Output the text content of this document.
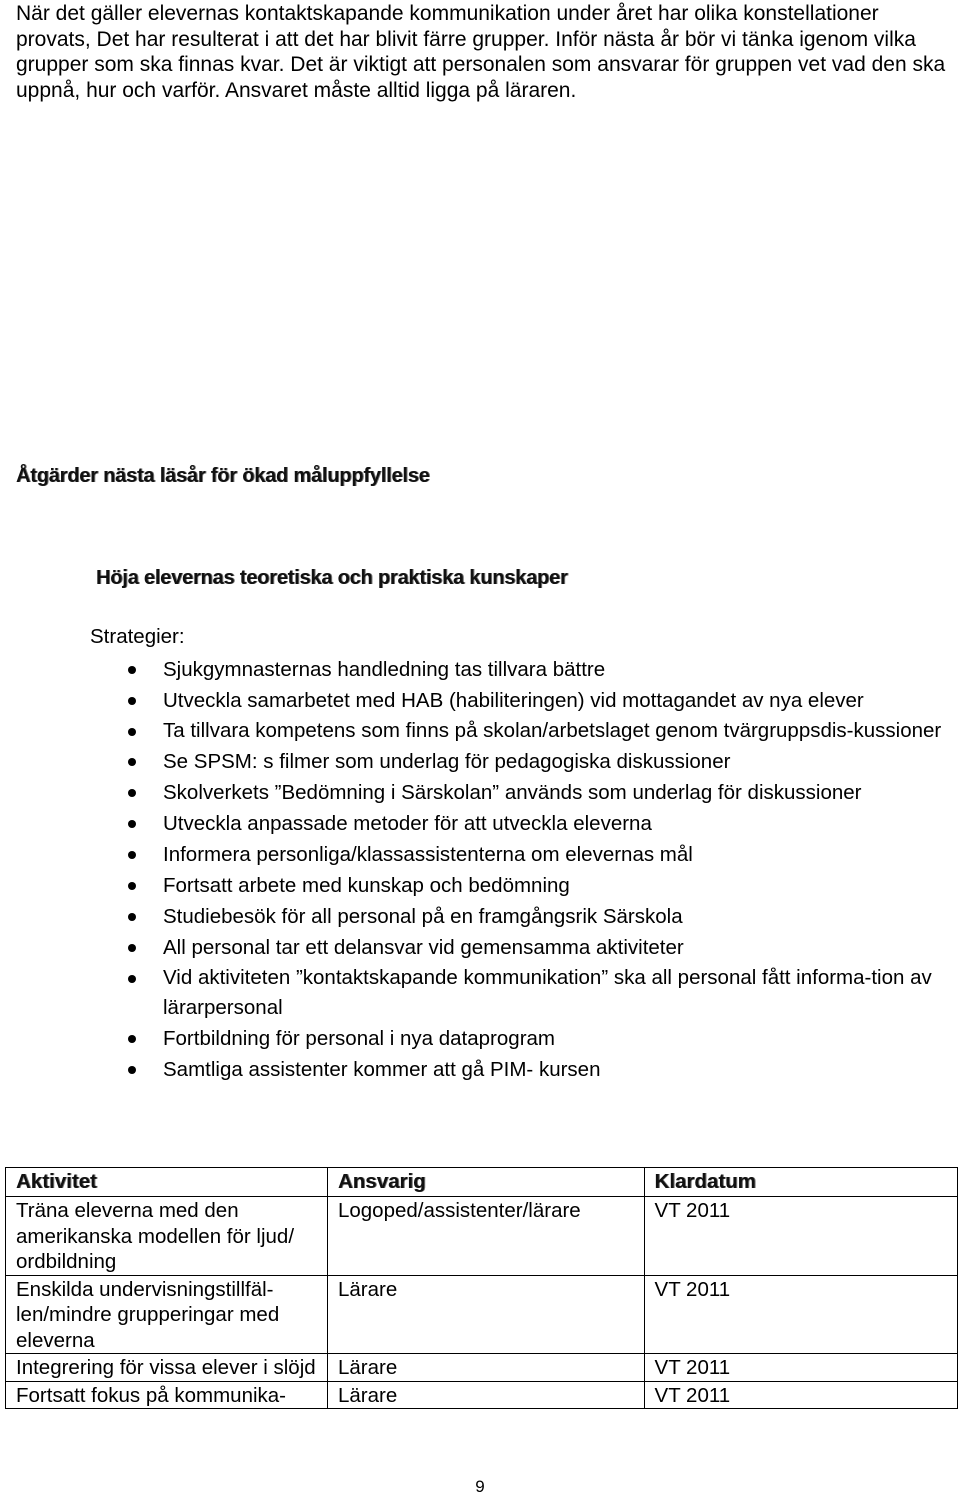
När det gäller elevernas kontaktskapande kommunikation under året har olika konstellationer provats, Det har resulterat i att det har blivit färre grupper. Inför nästa år bör vi tänka igenom vilka grupper som ska finnas kvar. Det är viktigt att personalen som ansvarar för gruppen vet vad den ska uppnå, hur och varför. Ansvaret måste alltid ligga på läraren.

Åtgärder nästa läsår för ökad måluppfyllelse
Höja elevernas teoretiska och praktiska kunskaper

Strategier:

Sjukgymnasternas handledning tas tillvara bättre
Utveckla samarbetet med HAB (habiliteringen) vid mottagandet av nya elever
Ta tillvara kompetens som finns på skolan/arbetslaget genom tvärgruppsdis-kussioner
Se SPSM: s filmer som underlag för pedagogiska diskussioner
Skolverkets ”Bedömning i Särskolan” används som underlag för diskussioner
Utveckla anpassade metoder för att utveckla eleverna
Informera personliga/klassassistenterna om elevernas mål
Fortsatt arbete med kunskap och bedömning
Studiebesök för all personal på en framgångsrik Särskola
All personal tar ett delansvar vid gemensamma aktiviteter
Vid aktiviteten ”kontaktskapande kommunikation” ska all personal fått informa-tion av lärarpersonal
Fortbildning för personal i nya dataprogram
Samtliga assistenter kommer att gå PIM- kursen
Aktivitet	Ansvarig	Klardatum
Träna eleverna med den amerikanska modellen för ljud/ ordbildning	Logoped/assistenter/lärare	VT 2011
Enskilda undervisningstillfäl-len/mindre grupperingar med eleverna	Lärare	VT 2011
Integrering för vissa elever i slöjd	Lärare	VT 2011
Fortsatt fokus på kommunika-	Lärare	VT 2011

9
